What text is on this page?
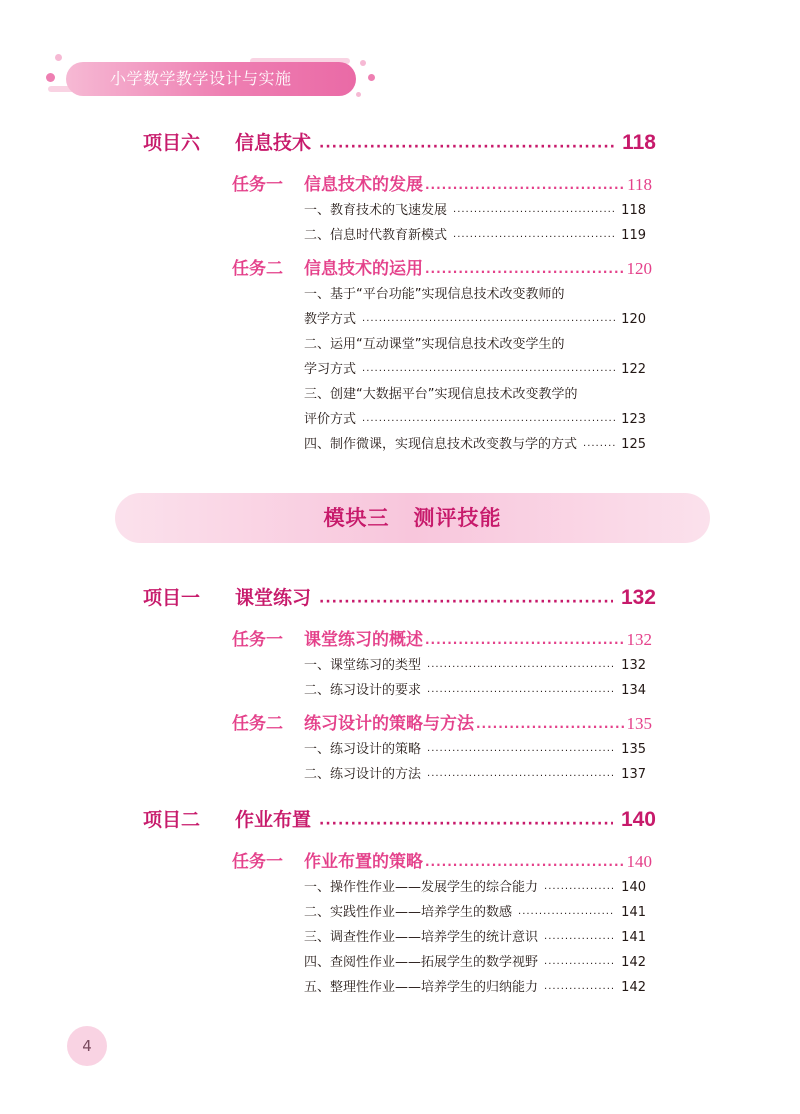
小学数学教学设计与实施
项目六	信息技术 ·····	118
任务一	信息技术的发展 ·····	118
一、教育技术的飞速发展 ·····	118
二、信息时代教育新模式 ·····	119
任务二	信息技术的运用 ·····	120
一、基于“平台功能”实现信息技术改变教师的
教学方式 ·····	120
二、运用“互动课堂”实现信息技术改变学生的
学习方式 ·····	122
三、创建“大数据平台”实现信息技术改变教学的
评价方式 ·····	123
四、制作微课，实现信息技术改变教与学的方式 ·····	125
模块三 测评技能
项目一	课堂练习 ·····	132
任务一	课堂练习的概述 ·····	132
一、课堂练习的类型 ·····	132
二、练习设计的要求 ·····	134
任务二	练习设计的策略与方法 ·····	135
一、练习设计的策略 ·····	135
二、练习设计的方法 ·····	137
项目二	作业布置 ·····	140
任务一	作业布置的策略 ·····	140
一、操作性作业——发展学生的综合能力 ·····	140
二、实践性作业——培养学生的数感 ·····	141
三、调查性作业——培养学生的统计意识 ·····	141
四、查阅性作业——拓展学生的数学视野 ·····	142
五、整理性作业——培养学生的归纳能力 ·····	142
4
